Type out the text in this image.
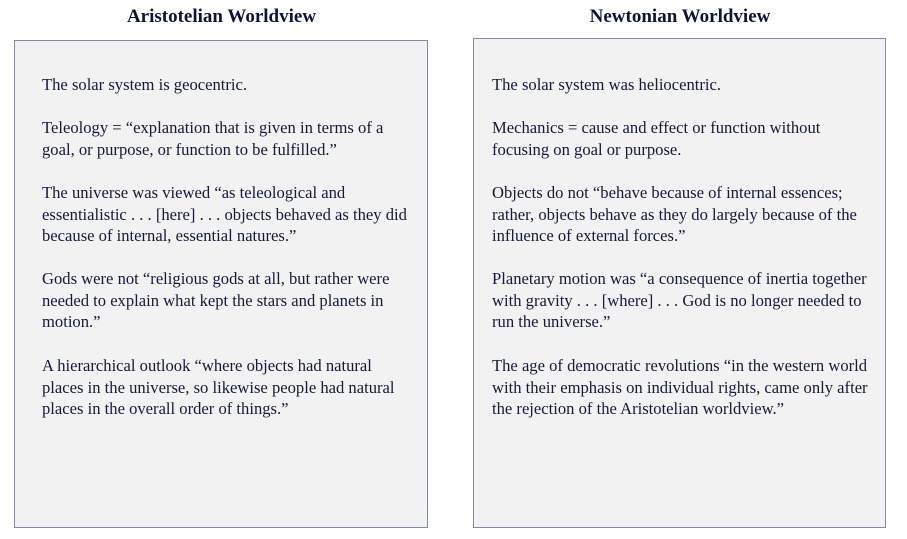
Aristotelian Worldview	Newtonian Worldview

The solar system is geocentric.

Teleology = “explanation that is given in terms of a goal, or purpose, or function to be fulfilled.”

The universe was viewed “as teleological and essentialistic . . . [here] . . . objects behaved as they did because of internal, essential natures.”

Gods were not “religious gods at all, but rather were needed to explain what kept the stars and planets in motion.”

A hierarchical outlook “where objects had natural places in the universe, so likewise people had natural places in the overall order of things.”

The solar system was heliocentric.

Mechanics = cause and effect or function without focusing on goal or purpose.

Objects do not “behave because of internal essences; rather, objects behave as they do largely because of the influence of external forces.”

Planetary motion was “a consequence of inertia together with gravity . . . [where] . . . God is no longer needed to run the universe.”

The age of democratic revolutions “in the western world with their emphasis on individual rights, came only after the rejection of the Aristotelian worldview.”
